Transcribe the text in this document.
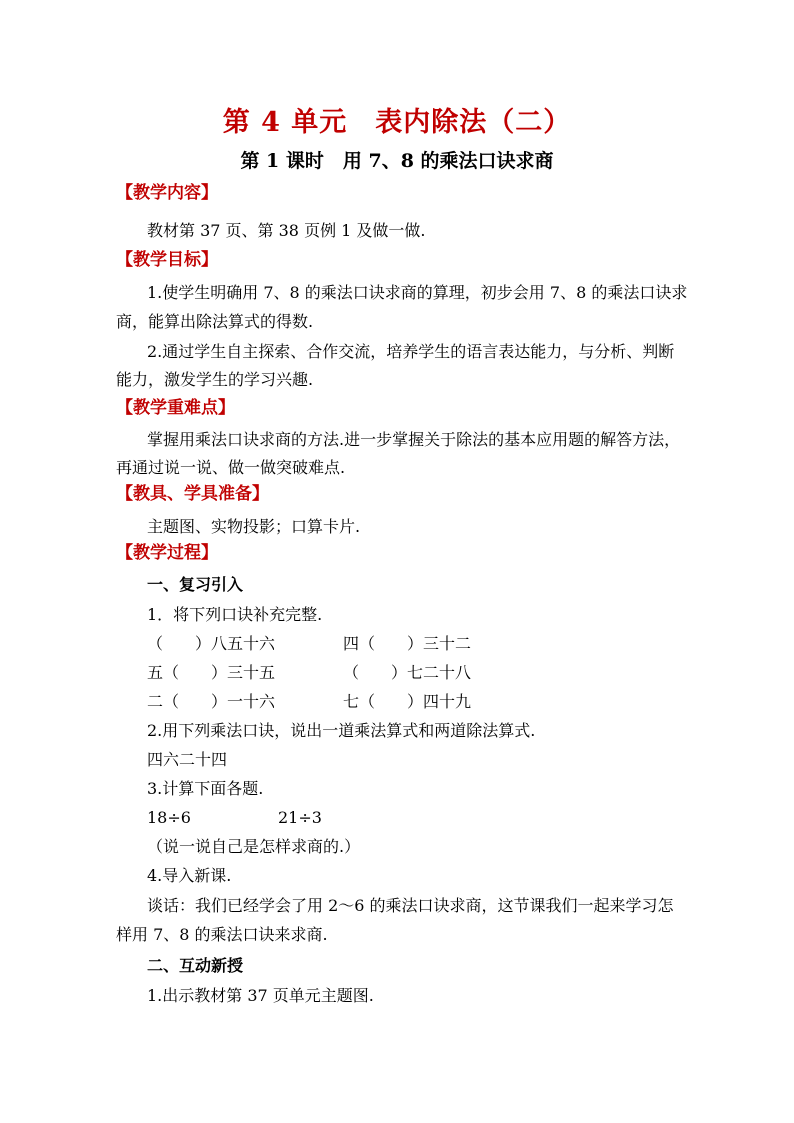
第 4 单元　表内除法（二）
第 1 课时　用 7、8 的乘法口诀求商
【教学内容】
教材第 37 页、第 38 页例 1 及做一做.
【教学目标】
1.使学生明确用 7、8 的乘法口诀求商的算理，初步会用 7、8 的乘法口诀求
商，能算出除法算式的得数.
2.通过学生自主探索、合作交流，培养学生的语言表达能力，与分析、判断
能力，激发学生的学习兴趣.
【教学重难点】
掌握用乘法口诀求商的方法.进一步掌握关于除法的基本应用题的解答方法，
再通过说一说、做一做突破难点.
【教具、学具准备】
主题图、实物投影；口算卡片.
【教学过程】
一、复习引入
1．将下列口诀补充完整.
（　　）八五十六	四（　　）三十二
五（　　）三十五	（　　）七二十八
二（　　）一十六	七（　　）四十九
2.用下列乘法口诀，说出一道乘法算式和两道除法算式.
四六二十四
3.计算下面各题.
18÷6	21÷3
（说一说自己是怎样求商的.）
4.导入新课.
谈话：我们已经学会了用 2～6 的乘法口诀求商，这节课我们一起来学习怎
样用 7、8 的乘法口诀来求商.
二、互动新授
1.出示教材第 37 页单元主题图.
